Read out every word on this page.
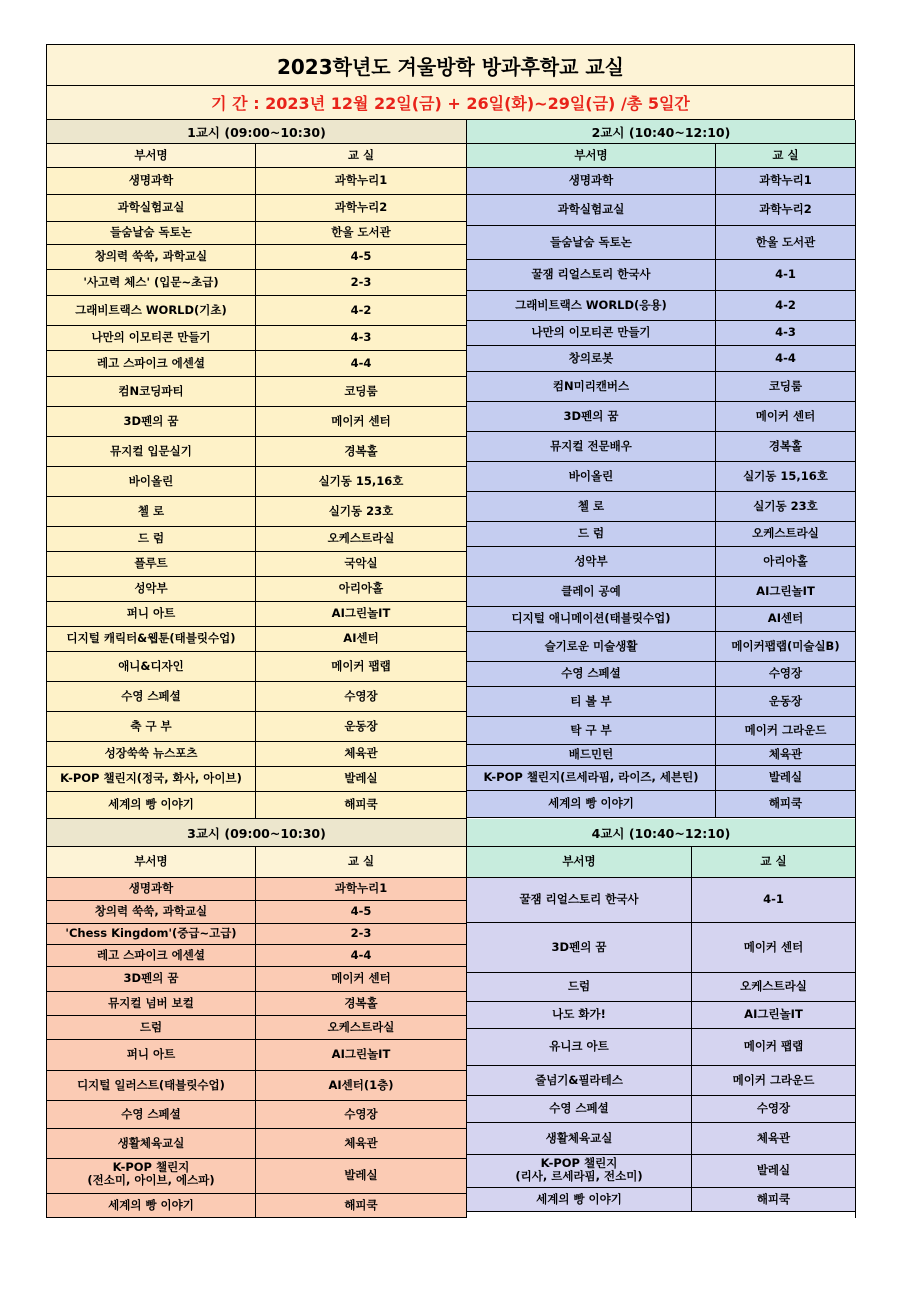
2023학년도 겨울방학 방과후학교 교실
기 간 : 2023년 12월 22일(금) + 26일(화)~29일(금) /총 5일간
1교시 (09:00~10:30)
부서명	교 실
생명과학	과학누리1
과학실험교실	과학누리2
들숨날숨 독토논	한울 도서관
창의력 쑥쑥, 과학교실	4-5
'사고력 체스' (입문~초급)	2-3
그래비트랙스 WORLD(기초)	4-2
나만의 이모티콘 만들기	4-3
레고 스파이크 에센셜	4-4
컴N코딩파티	코딩룸
3D펜의 꿈	메이커 센터
뮤지컬 입문실기	경복홀
바이올린	실기동 15,16호
첼 로	실기동 23호
드 럼	오케스트라실
플루트	국악실
성악부	아리아홀
퍼니 아트	AI그린놀IT
디지털 캐릭터&웹툰(태블릿수업)	AI센터
애니&디자인	메이커 팹랩
수영 스페셜	수영장
축 구 부	운동장
성장쑥쑥 뉴스포츠	체육관
K-POP 챌린지(정국, 화사, 아이브)	발레실
세계의 빵 이야기	해피쿡
2교시 (10:40~12:10)
부서명	교 실
생명과학	과학누리1
과학실험교실	과학누리2
들숨날숨 독토논	한울 도서관
꿀잼 리얼스토리 한국사	4-1
그래비트랙스 WORLD(응용)	4-2
나만의 이모티콘 만들기	4-3
창의로봇	4-4
컴N미리캔버스	코딩룸
3D펜의 꿈	메이커 센터
뮤지컬 전문배우	경복홀
바이올린	실기동 15,16호
첼 로	실기동 23호
드 럼	오케스트라실
성악부	아리아홀
클레이 공예	AI그린놀IT
디지털 애니메이션(태블릿수업)	AI센터
슬기로운 미술생활	메이커팹랩(미술실B)
수영 스페셜	수영장
티 볼 부	운동장
탁 구 부	메이커 그라운드
배드민턴	체육관
K-POP 챌린지(르세라핌, 라이즈, 세븐틴)	발레실
세계의 빵 이야기	해피쿡
3교시 (09:00~10:30)
부서명	교 실
생명과학	과학누리1
창의력 쑥쑥, 과학교실	4-5
'Chess Kingdom'(중급~고급)	2-3
레고 스파이크 에센셜	4-4
3D펜의 꿈	메이커 센터
뮤지컬 넘버 보컬	경복홀
드럼	오케스트라실
퍼니 아트	AI그린놀IT
디지털 일러스트(태블릿수업)	AI센터(1층)
수영 스페셜	수영장
생활체육교실	체육관
K-POP 챌린지
(전소미, 아이브, 에스파)	발레실
세계의 빵 이야기	해피쿡
4교시 (10:40~12:10)
부서명	교 실
꿀잼 리얼스토리 한국사	4-1
3D펜의 꿈	메이커 센터
드럼	오케스트라실
나도 화가!	AI그린놀IT
유니크 아트	메이커 팹랩
줄넘기&필라테스	메이커 그라운드
수영 스페셜	수영장
생활체육교실	체육관
K-POP 챌린지
(리사, 르세라핌, 전소미)	발레실
세계의 빵 이야기	해피쿡
